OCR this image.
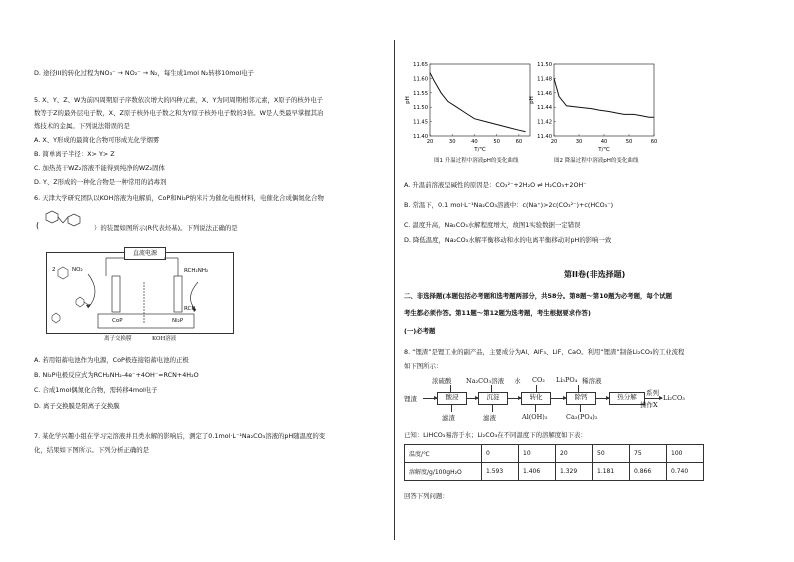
D. 途径III的转化过程为NO₃⁻ → NO₂⁻ → N₂，每生成1mol N₂转移10mol电子
5. X、Y、Z、W为前四周期原子序数依次增大的四种元素，X、Y为同周期相邻元素，X原子的核外电子
数等于Z的最外层电子数，X、Z原子核外电子数之和为Y原子核外电子数的3倍。W是人类最早掌握其冶
炼技术的金属。下列说法错误的是
A. X、Y形成的最简化合物可形成光化学烟雾
B. 简单离子半径：X> Y> Z
C. 加热蒸干WZ₂溶液不能得到纯净的WZ₂固体
D. Y、Z形成的一种化合物是一种常用的消毒剂
6. 天津大学研究团队以KOH溶液为电解质，CoP和Ni₂P纳米片为催化电极材料，电催化合成偶氮化合物
(	）的装置如图所示(R代表烃基)。下列说法正确的是
直流电源
2	NO₂	RCH₂NH₂
RCN
CoP	Ni₂P
离子交换膜	KOH溶液
A. 若用铅蓄电池作为电源，CoP极连接铅蓄电池的正极
B. Ni₂P电极反应式为RCH₂NH₂-4e⁻+4OH⁻=RCN+4H₂O
C. 合成1mol偶氮化合物，需转移4mol电子
D. 离子交换膜是阳离子交换膜
7. 某化学兴趣小组在学习完溶液并且类水解的影响后，测定了0.1mol·L⁻¹Na₂CO₃溶液的pH随温度的变
化，结果如下图所示。下列分析正确的是
11.40
11.45
11.50
11.55
11.60
11.65
20	30	40	50	60
pH
T/℃
11.40
11.42
11.44
11.46
11.48
11.50
20	30	40	50	60
pH
T/℃
图1 升温过程中溶液pH的变化曲线	图2 降温过程中溶液pH的变化曲线
A. 升温前溶液呈碱性的原因是：CO₃²⁻+2H₂O ⇌ H₂CO₃+2OH⁻
B. 常温下，0.1 mol·L⁻¹Na₂CO₃溶液中：c(Na⁺)>2c(CO₃²⁻)+c(HCO₃⁻)
C. 温度升高，Na₂CO₃水解程度增大，故图1实验数据一定错误
D. 降低温度，Na₂CO₃水解平衡移动和水的电离平衡移动对pH的影响一致
第II卷(非选择题)
二、非选择题(本题包括必考题和选考题两部分，共58分。第8题～第10题为必考题，每个试题
考生都必须作答。第11题～第12题为选考题，考生根据要求作答)
(一)必考题
8. “锂渣”是锂工业的副产品，主要成分为Al、AlF₃、LiF、CaO。利用“锂渣”制备Li₂CO₃的工业流程
如下图所示：
锂渣
浓硫酸
酸浸
Na₂CO₃溶液
沉淀
水 CO₂
转化
Li₃PO₄ 稀溶液
除钙	热分解	系列
操作X
Li₂CO₃
滤渣	滤液	Al(OH)₃	Ca₃(PO₄)₂
已知：LiHCO₃易溶于水；Li₂CO₃在不同温度下的溶解度如下表：
温度/℃	0	10	20	50	75	100
溶解度/g/100gH₂O	1.593	1.406	1.329	1.181	0.866	0.740
回答下列问题：
